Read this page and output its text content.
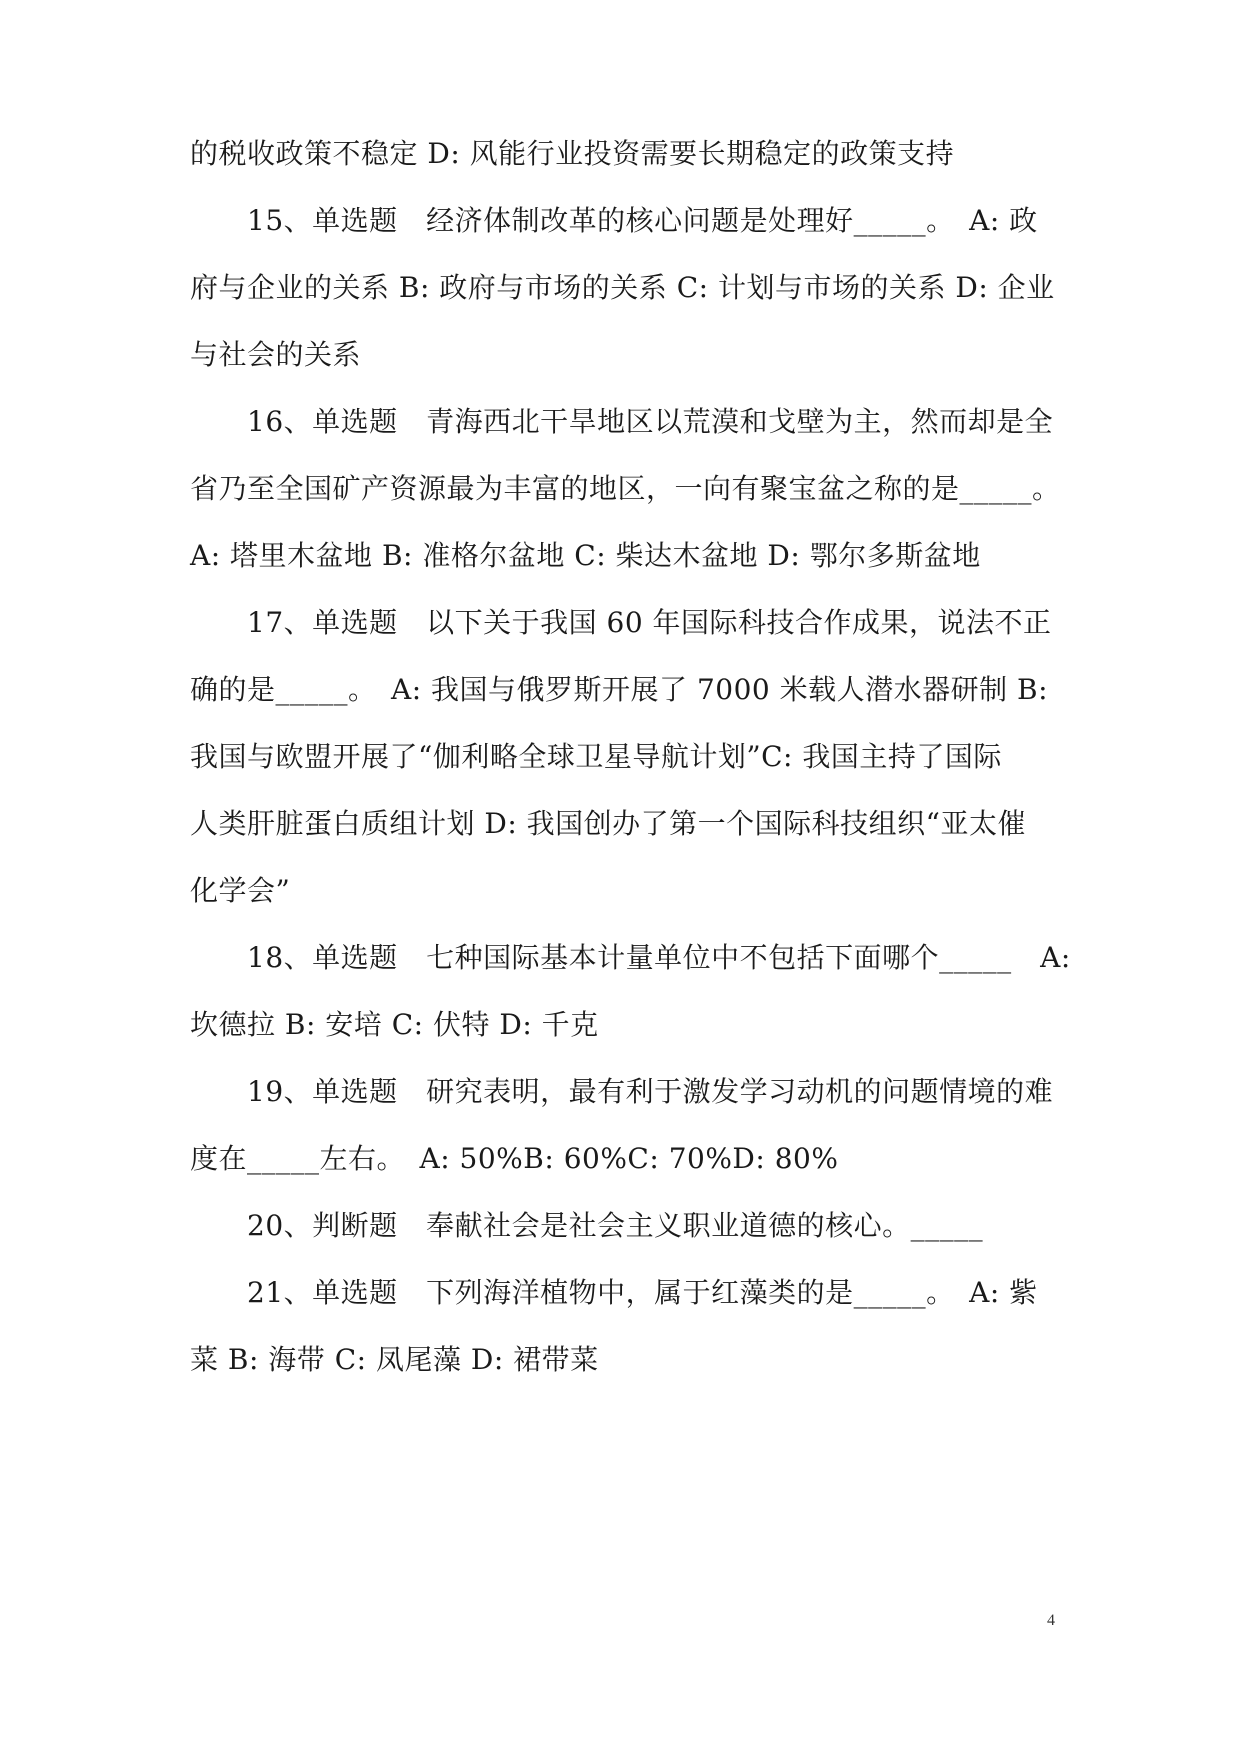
的税收政策不稳定 D: 风能行业投资需要长期稳定的政策支持
15、单选题　经济体制改革的核心问题是处理好_____。　A: 政
府与企业的关系 B: 政府与市场的关系 C: 计划与市场的关系 D: 企业
与社会的关系
16、单选题　青海西北干旱地区以荒漠和戈壁为主，然而却是全
省乃至全国矿产资源最为丰富的地区，一向有聚宝盆之称的是_____。
A: 塔里木盆地 B: 准格尔盆地 C: 柴达木盆地 D: 鄂尔多斯盆地
17、单选题　以下关于我国 60 年国际科技合作成果，说法不正
确的是_____。　A: 我国与俄罗斯开展了 7000 米载人潜水器研制 B:
我国与欧盟开展了“伽利略全球卫星导航计划”C: 我国主持了国际
人类肝脏蛋白质组计划 D: 我国创办了第一个国际科技组织“亚太催
化学会”
18、单选题　七种国际基本计量单位中不包括下面哪个_____　A:
坎德拉 B: 安培 C: 伏特 D: 千克
19、单选题　研究表明，最有利于激发学习动机的问题情境的难
度在_____左右。　A: 50%B: 60%C: 70%D: 80%
20、判断题　奉献社会是社会主义职业道德的核心。_____
21、单选题　下列海洋植物中，属于红藻类的是_____。　A: 紫
菜 B: 海带 C: 凤尾藻 D: 裙带菜
4
